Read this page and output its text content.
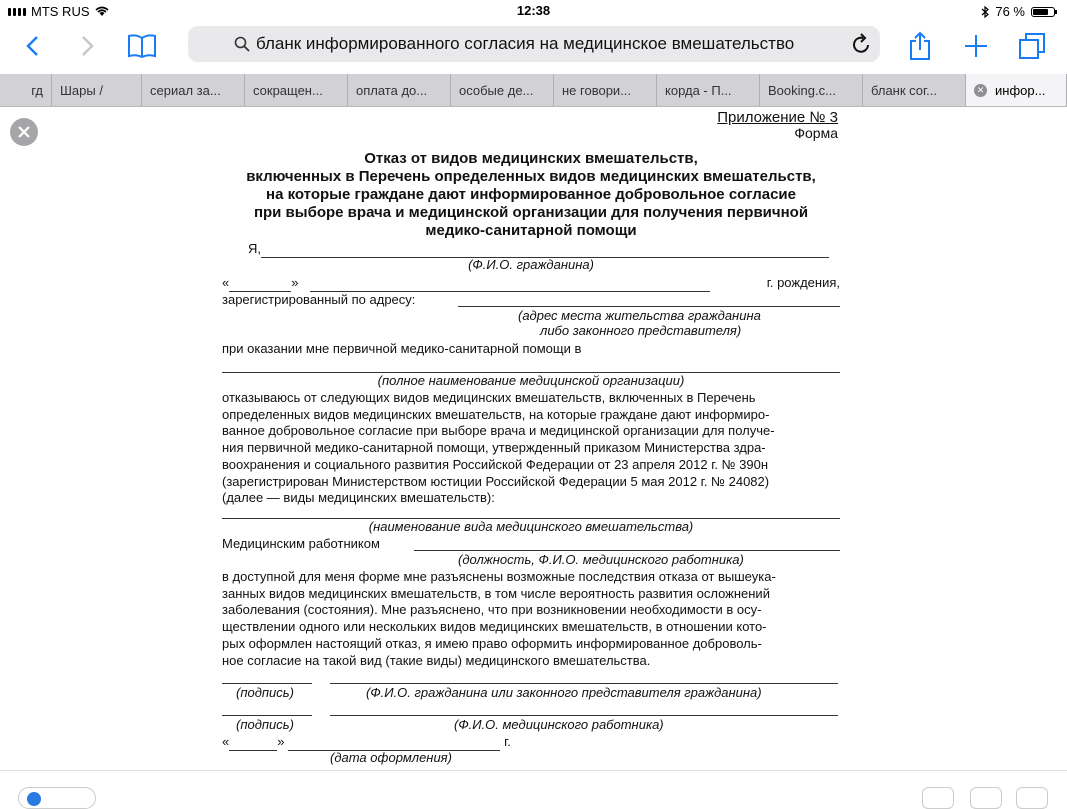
MTS RUS	12:38	76 %
бланк информированного согласия на медицинское вмешательство
гд Шары /	сериал за... сокращен...	оплата до... особые де... не говори...	корда - П...	Booking.c...	бланк сог...	✕ инфор...
Приложение № 3
Форма
Отказ от видов медицинских вмешательств,
включенных в Перечень определенных видов медицинских вмешательств,
на которые граждане дают информированное добровольное согласие
при выборе врача и медицинской организации для получения первичной
медико-санитарной помощи
Я,
(Ф.И.О. гражданина)
«	»	г. рождения,
зарегистрированный по адресу:
(адрес места жительства гражданина
либо законного представителя)
при оказании мне первичной медико-санитарной помощи в
(полное наименование медицинской организации)
отказываюсь от следующих видов медицинских вмешательств, включенных в Перечень
определенных видов медицинских вмешательств, на которые граждане дают информиро-
ванное добровольное согласие при выборе врача и медицинской организации для получе-
ния первичной медико-санитарной помощи, утвержденный приказом Министерства здра-
воохранения и социального развития Российской Федерации от 23 апреля 2012 г. № 390н
(зарегистрирован Министерством юстиции Российской Федерации 5 мая 2012 г. № 24082)
(далее — виды медицинских вмешательств):
(наименование вида медицинского вмешательства)
Медицинским работником
(должность, Ф.И.О. медицинского работника)
в доступной для меня форме мне разъяснены возможные последствия отказа от вышеука-
занных видов медицинских вмешательств, в том числе вероятность развития осложнений
заболевания (состояния). Мне разъяснено, что при возникновении необходимости в осу-
ществлении одного или нескольких видов медицинских вмешательств, в отношении кото-
рых оформлен настоящий отказ, я имею право оформить информированное доброволь-
ное согласие на такой вид (такие виды) медицинского вмешательства.
(подпись)	(Ф.И.О. гражданина или законного представителя гражданина)
(подпись)	(Ф.И.О. медицинского работника)
«	»	г.
(дата оформления)
